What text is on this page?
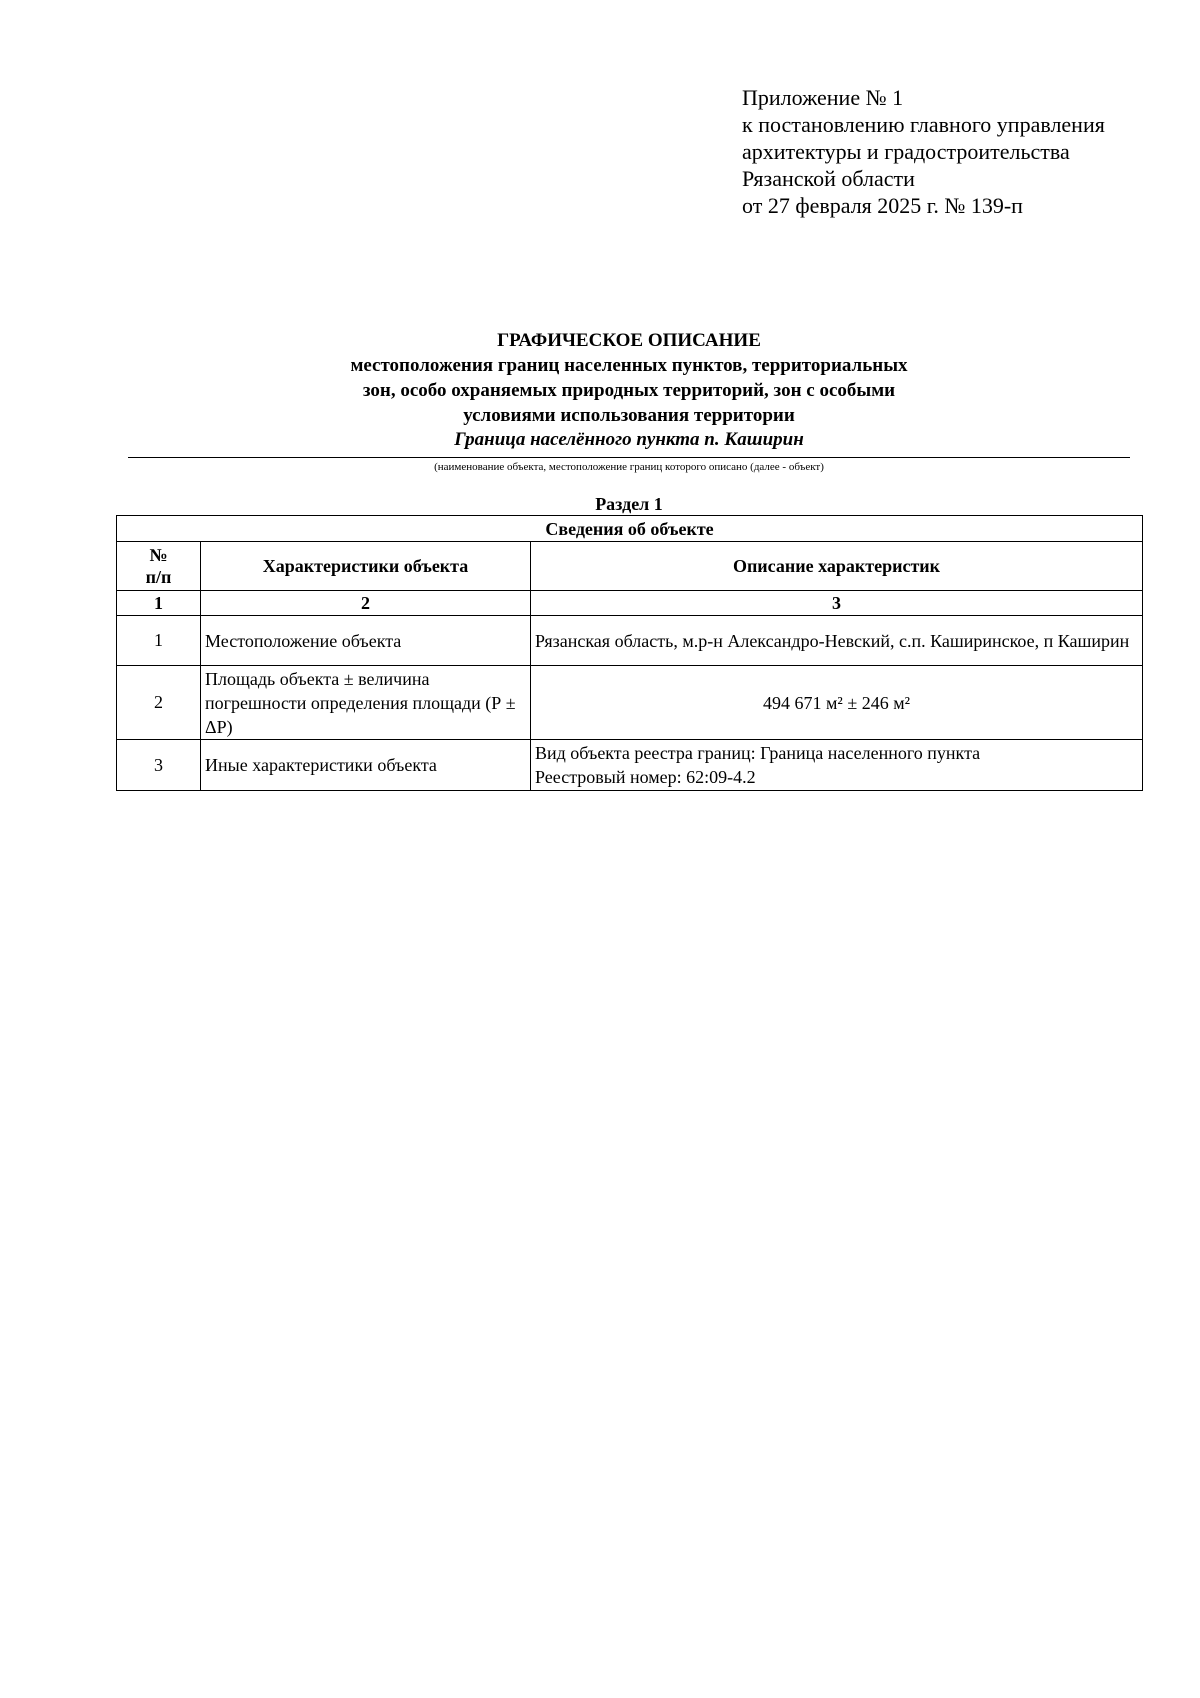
Приложение № 1
к постановлению главного управления
архитектуры и градостроительства
Рязанской области
от 27 февраля 2025 г. № 139-п
ГРАФИЧЕСКОЕ ОПИСАНИЕ
местоположения границ населенных пунктов, территориальных
зон, особо охраняемых природных территорий, зон с особыми
условиями использования территории
Граница населённого пункта п. Каширин
(наименование объекта, местоположение границ которого описано (далее - объект)
Раздел 1
Сведения об объекте		
№
п/п	Характеристики объекта	Описание характеристик
1	2	3
1	Местоположение объекта	Рязанская область, м.р-н Александро-Невский, с.п. Каширинское, п Каширин

2	Площадь объекта ± величина погрешности определения площади (Р ± ΔР)	494 671 м² ± 246 м²

3	Иные характеристики объекта	Вид объекта реестра границ: Граница населенного пункта
Реестровый номер: 62:09-4.2
